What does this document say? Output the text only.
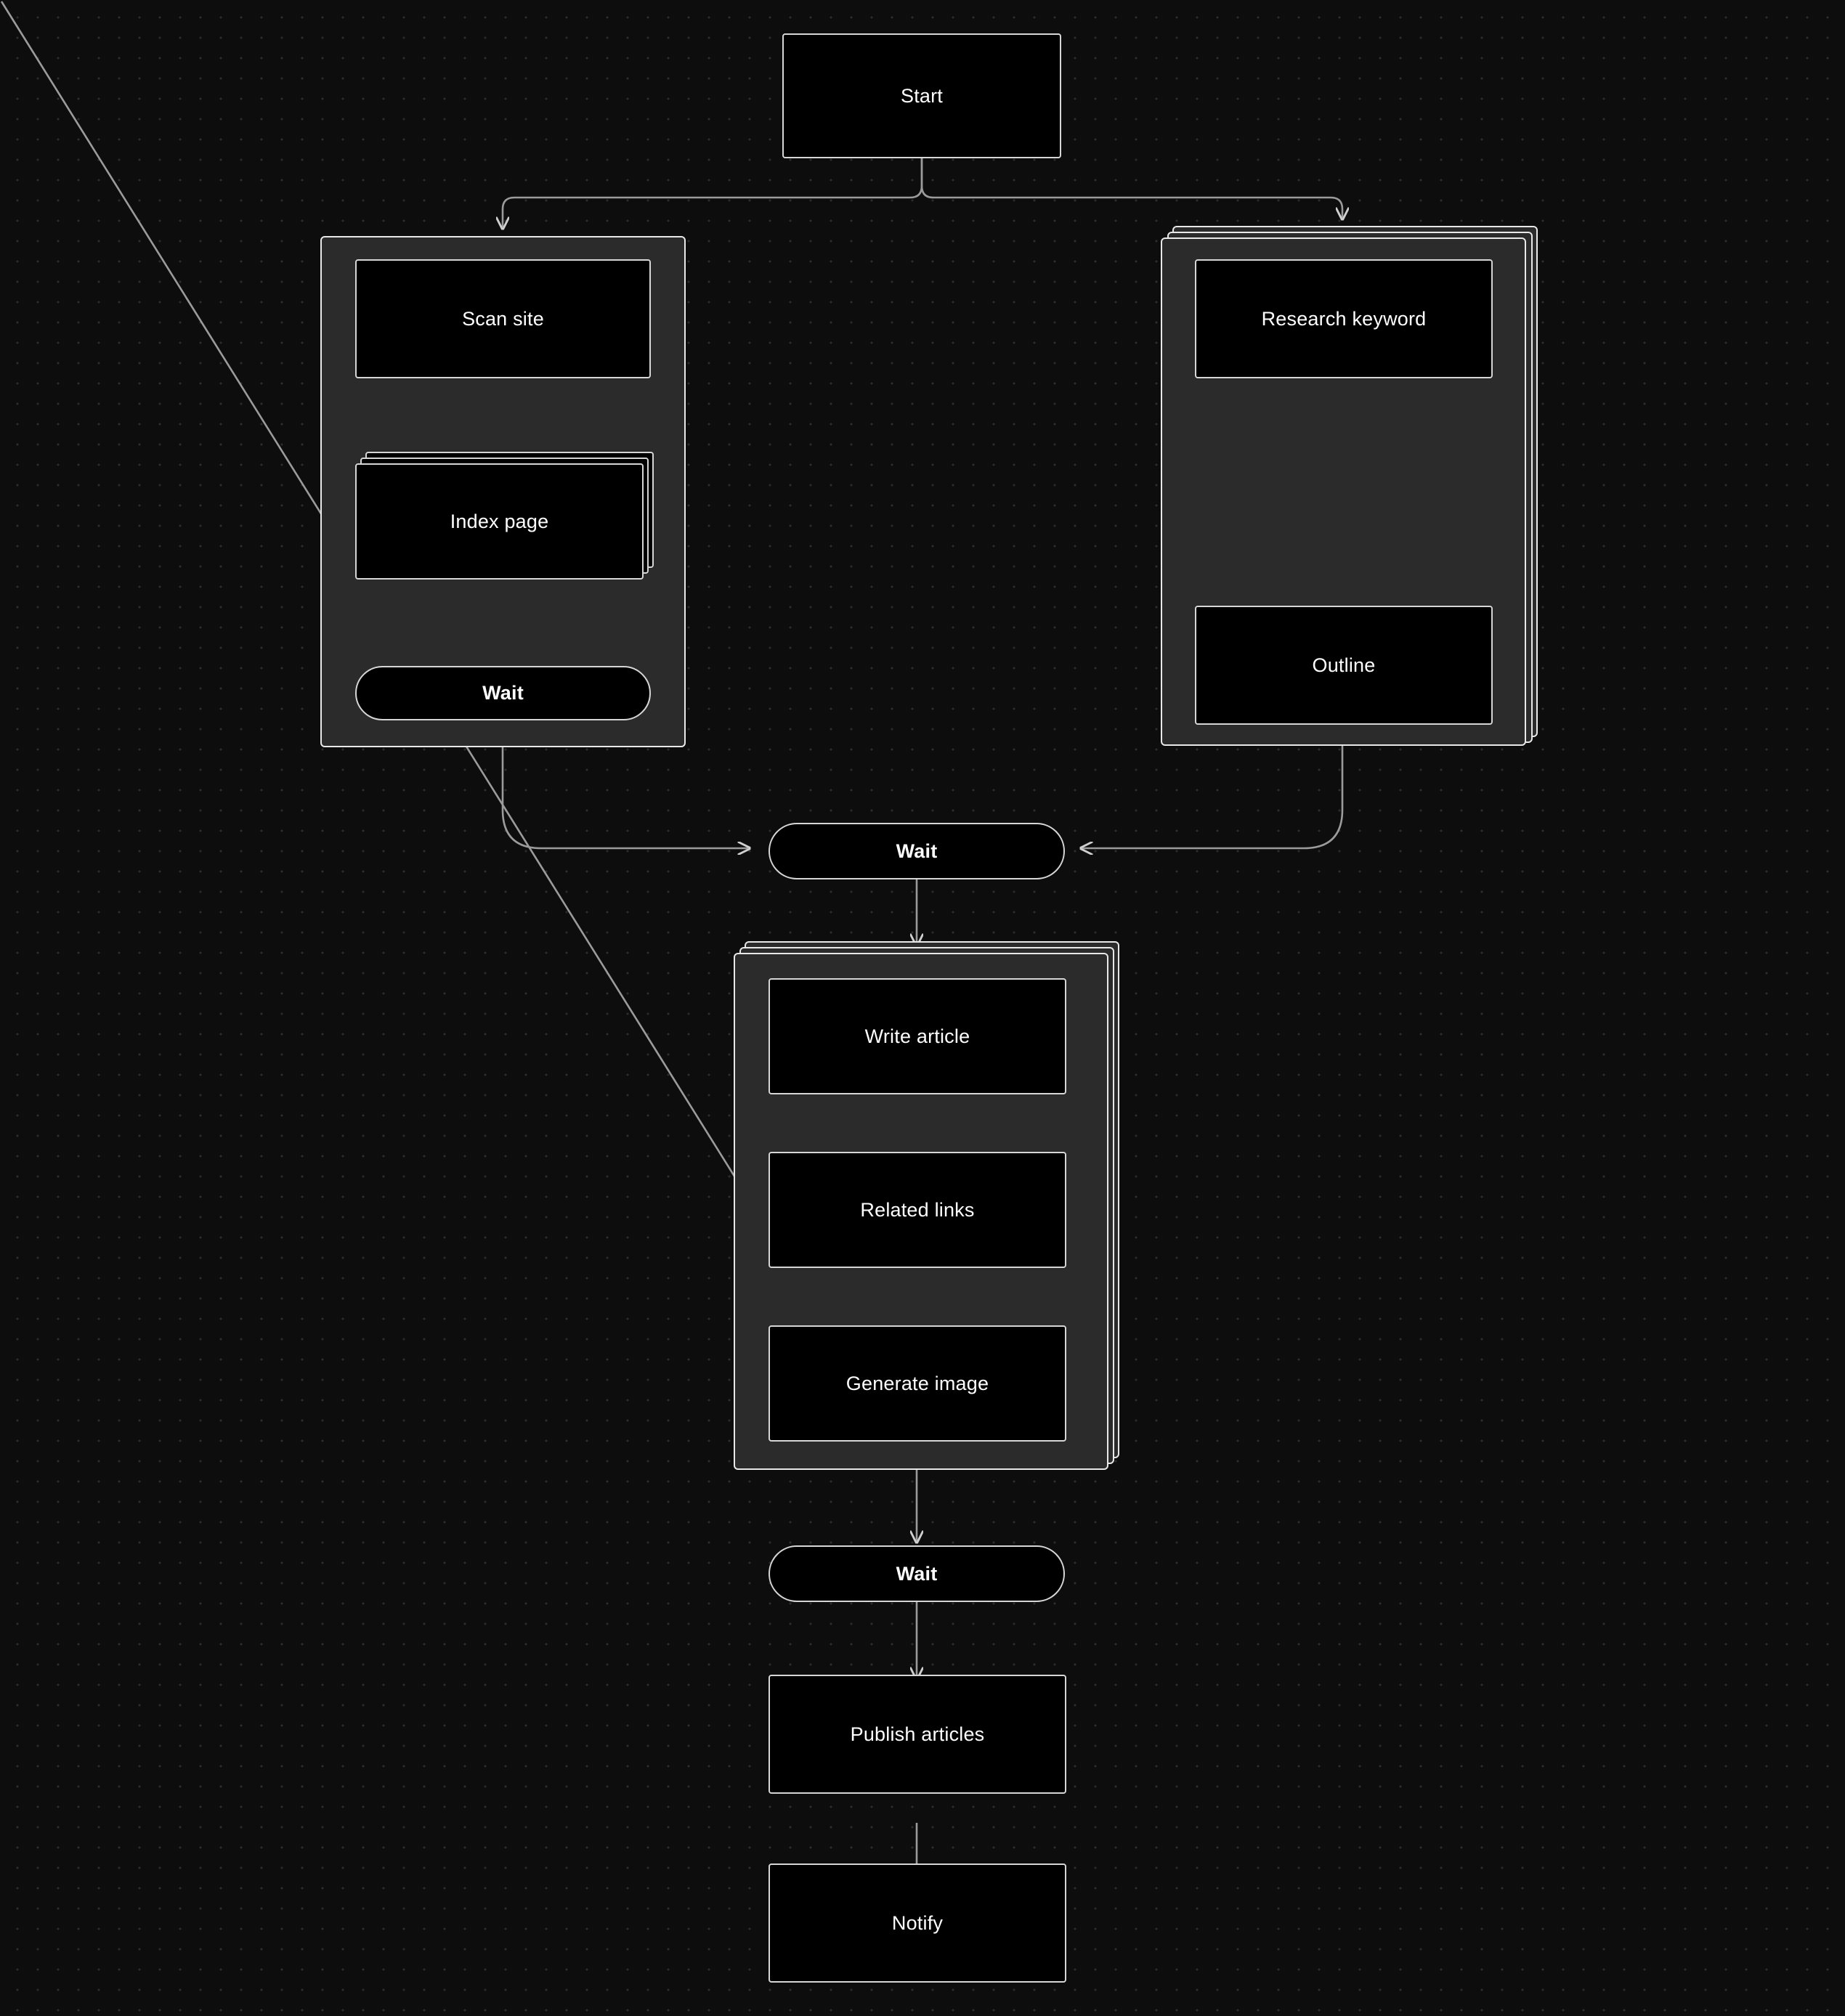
Start
Scan site
Index page
Wait
Research keyword
Outline
Wait
Write article
Related links
Generate image
Wait
Publish articles
Notify
